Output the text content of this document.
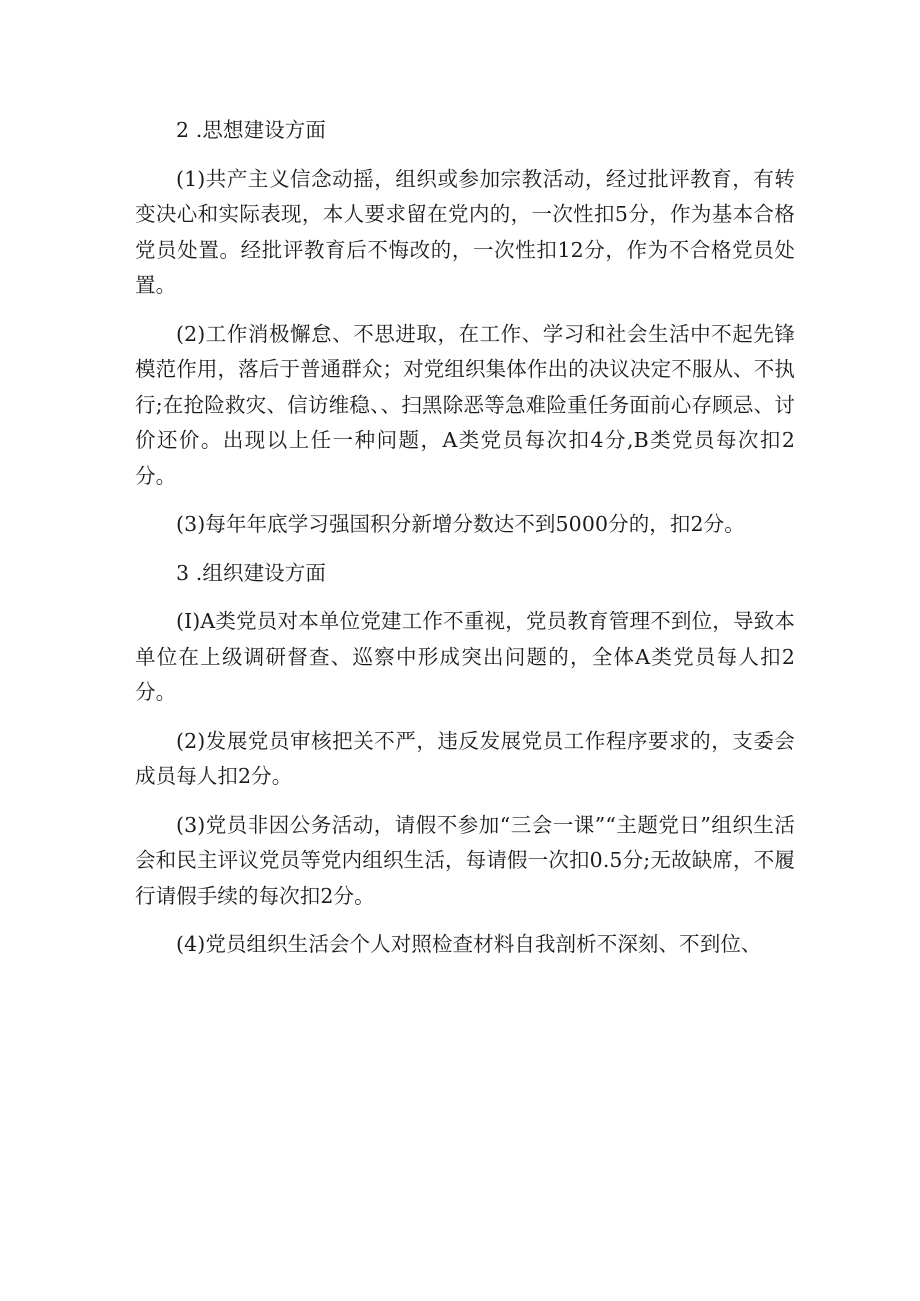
2 .思想建设方面

(1)共产主义信念动摇，组织或参加宗教活动，经过批评教育，有转变决心和实际表现，本人要求留在党内的，一次性扣5分，作为基本合格党员处置。经批评教育后不悔改的，一次性扣12分，作为不合格党员处置。

(2)工作消极懈怠、不思进取，在工作、学习和社会生活中不起先锋模范作用，落后于普通群众；对党组织集体作出的决议决定不服从、不执行;在抢险救灾、信访维稳、、扫黑除恶等急难险重任务面前心存顾忌、讨价还价。出现以上任一种问题，A类党员每次扣4分,B类党员每次扣2分。

(3)每年年底学习强国积分新增分数达不到5000分的，扣2分。

3 .组织建设方面

(I)A类党员对本单位党建工作不重视，党员教育管理不到位，导致本单位在上级调研督查、巡察中形成突出问题的，全体A类党员每人扣2分。

(2)发展党员审核把关不严，违反发展党员工作程序要求的，支委会成员每人扣2分。

(3)党员非因公务活动，请假不参加“三会一课”“主题党日”组织生活会和民主评议党员等党内组织生活，每请假一次扣0.5分;无故缺席，不履行请假手续的每次扣2分。

(4)党员组织生活会个人对照检查材料自我剖析不深刻、不到位、
